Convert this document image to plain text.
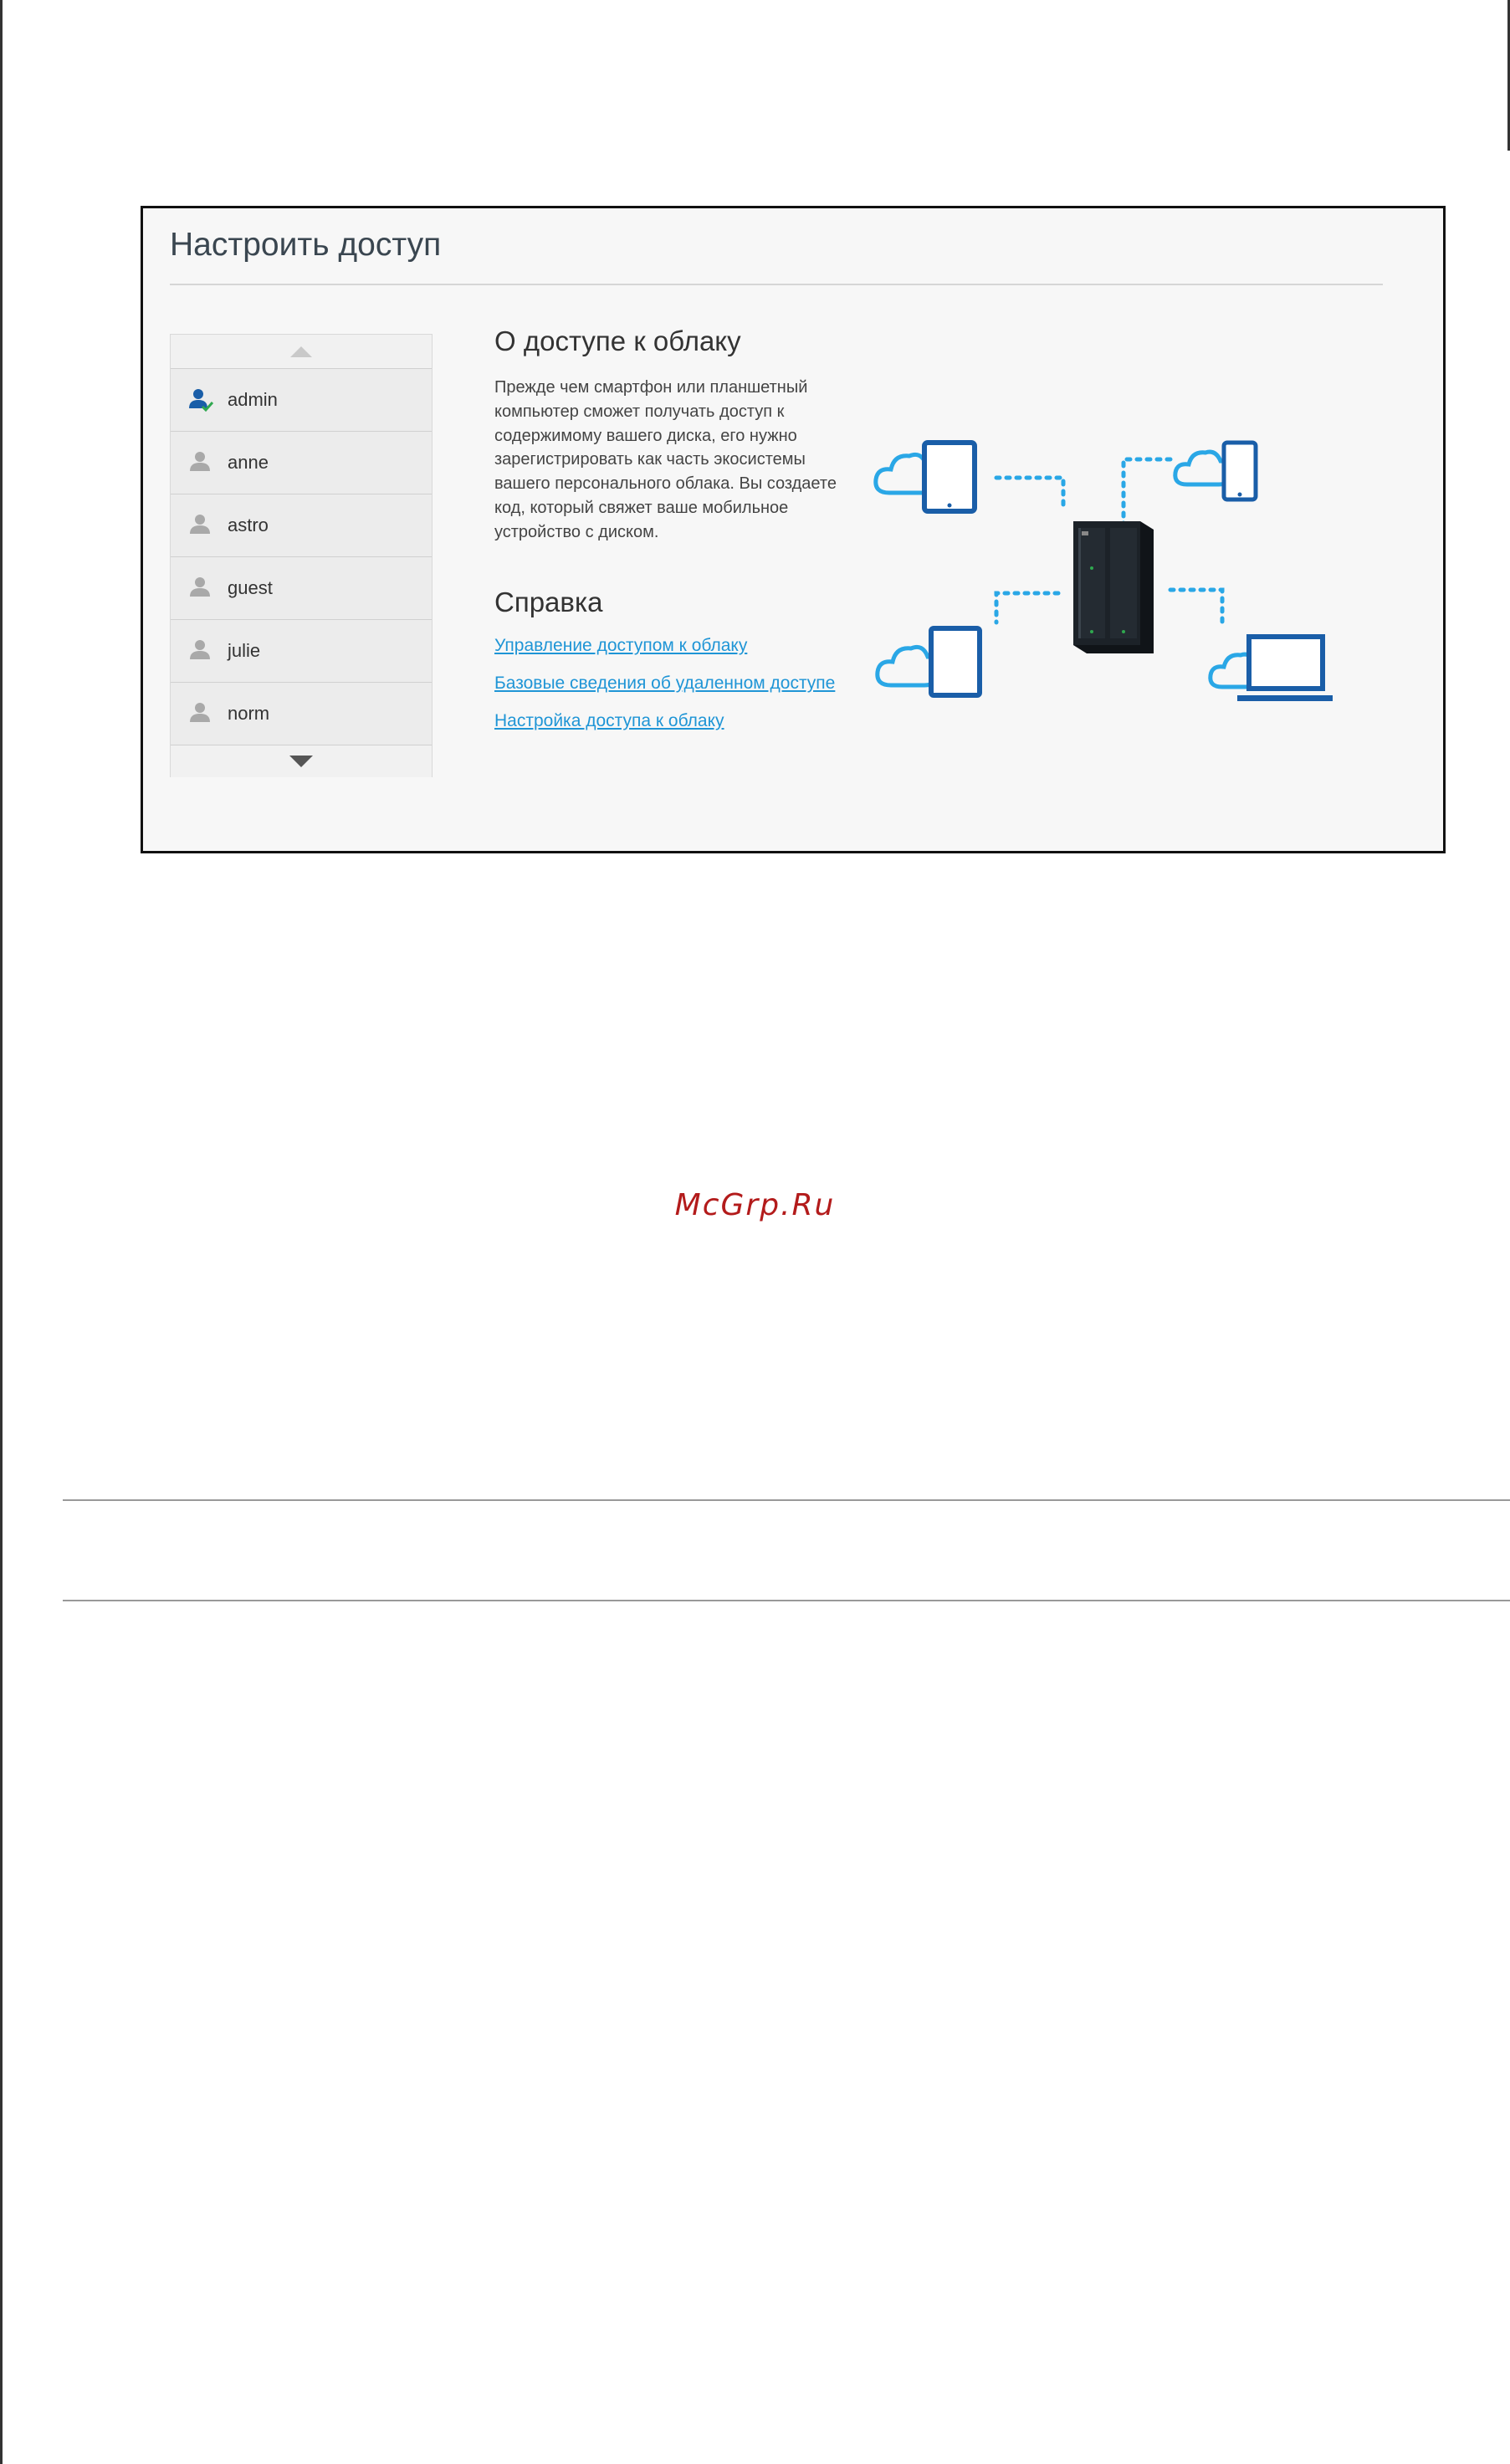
Настроить доступ
admin
anne
astro
guest
julie
norm
О доступе к облаку

Прежде чем смартфон или планшетный компьютер сможет получать доступ к содержимому вашего диска, его нужно зарегистрировать как часть экосистемы вашего персонального облака. Вы создаете код, который свяжет ваше мобильное устройство с диском.

Справка
Управление доступом к облаку
Базовые сведения об удаленном доступе
Настройка доступа к облаку
McGrp.Ru
